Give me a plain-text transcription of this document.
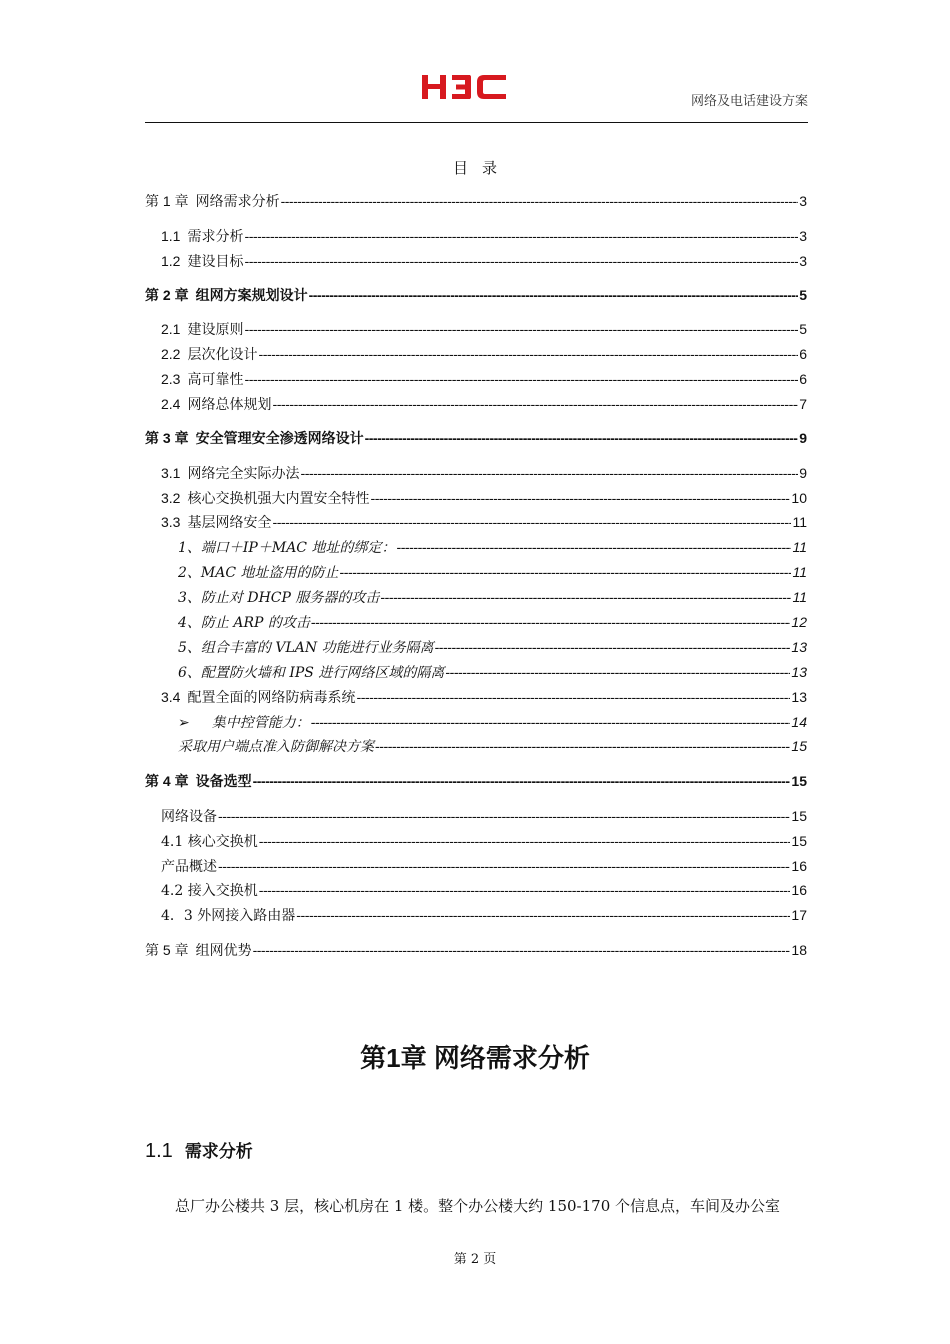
网络及电话建设方案
目录
第 1 章 网络需求分析 -----	3
1.1 需求分析 -----	3
1.2 建设目标 -----	3
第 2 章 组网方案规划设计 -----	5
2.1 建设原则 -----	5
2.2 层次化设计 -----	6
2.3 高可靠性 -----	6
2.4 网络总体规划 -----	7
第 3 章 安全管理安全渗透网络设计 -----	9
3.1 网络完全实际办法 -----	9
3.2 核心交换机强大内置安全特性 -----	10
3.3 基层网络安全 -----	11
1、端口＋IP＋MAC 地址的绑定： -----	11
2、MAC 地址盗用的防止 -----	11
3、防止对 DHCP 服务器的攻击 -----	11
4、防止 ARP 的攻击 -----	12
5、组合丰富的 VLAN 功能进行业务隔离 -----	13
6、配置防火墙和 IPS 进行网络区域的隔离 -----	13
3.4 配置全面的网络防病毒系统 -----	13
➢ 集中控管能力： -----	14
采取用户端点准入防御解决方案 -----	15
第 4 章 设备选型 -----	15
网络设备 -----	15
4.1 核心交换机 -----	15
产品概述 -----	16
4.2 接入交换机 -----	16
4．3 外网接入路由器 -----	17
第 5 章 组网优势 -----	18
第1章 网络需求分析
1.1 需求分析
总厂办公楼共 3 层，核心机房在 1 楼。整个办公楼大约 150-170 个信息点，车间及办公室
第 2 页
